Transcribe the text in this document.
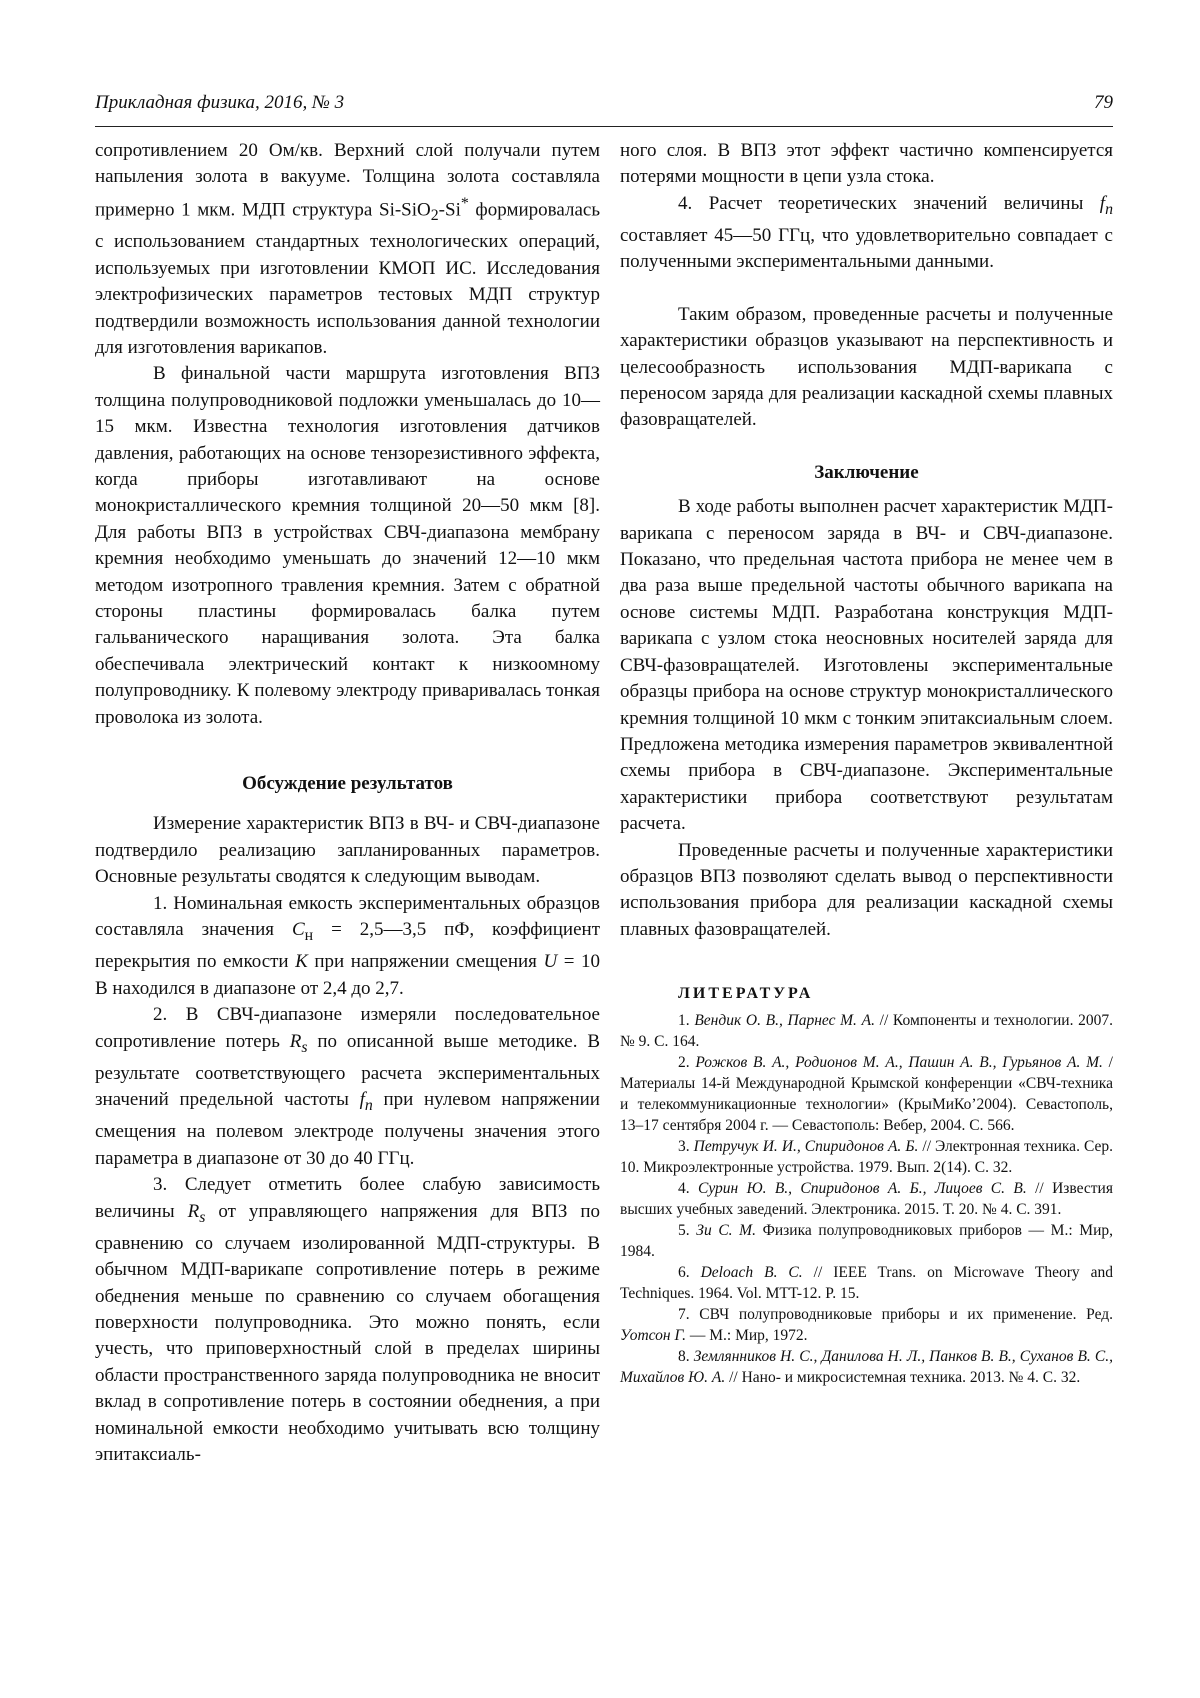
Прикладная физика, 2016, № 3	79

сопротивлением 20 Ом/кв. Верхний слой получали путем напыления золота в вакууме. Толщина золота составляла примерно 1 мкм. МДП структура Si-SiO$_2$-Si* формировалась с использованием стандартных технологических операций, используемых при изготовлении КМОП ИС. Исследования электрофизических параметров тестовых МДП структур подтвердили возможность использования данной технологии для изготовления варикапов.

В финальной части маршрута изготовления ВПЗ толщина полупроводниковой подложки уменьшалась до 10—15 мкм. Известна технология изготовления датчиков давления, работающих на основе тензорезистивного эффекта, когда приборы изготавливают на основе монокристаллического кремния толщиной 20—50 мкм [8]. Для работы ВПЗ в устройствах СВЧ-диапазона мембрану кремния необходимо уменьшать до значений 12—10 мкм методом изотропного травления кремния. Затем с обратной стороны пластины формировалась балка путем гальванического наращивания золота. Эта балка обеспечивала электрический контакт к низкоомному полупроводнику. К полевому электроду приваривалась тонкая проволока из золота.

Обсуждение результатов

Измерение характеристик ВПЗ в ВЧ- и СВЧ-диапазоне подтвердило реализацию запланированных параметров. Основные результаты сводятся к следующим выводам.

1. Номинальная емкость экспериментальных образцов составляла значения $С_н$ = 2,5—3,5 пФ, коэффициент перекрытия по емкости K при напряжении смещения U = 10 В находился в диапазоне от 2,4 до 2,7.

2. В СВЧ-диапазоне измеряли последовательное сопротивление потерь $R_s$ по описанной выше методике. В результате соответствующего расчета экспериментальных значений предельной частоты $f_n$ при нулевом напряжении смещения на полевом электроде получены значения этого параметра в диапазоне от 30 до 40 ГГц.

3. Следует отметить более слабую зависимость величины $R_s$ от управляющего напряжения для ВПЗ по сравнению со случаем изолированной МДП-структуры. В обычном МДП-варикапе сопротивление потерь в режиме обеднения меньше по сравнению со случаем обогащения поверхности полупроводника. Это можно понять, если учесть, что приповерхностный слой в пределах ширины области пространственного заряда полупроводника не вносит вклад в сопротивление потерь в состоянии обеднения, а при номинальной емкости необходимо учитывать всю толщину эпитаксиаль-

ного слоя. В ВПЗ этот эффект частично компенсируется потерями мощности в цепи узла стока.

4. Расчет теоретических значений величины $f_n$ составляет 45—50 ГГц, что удовлетворительно совпадает с полученными экспериментальными данными.

Таким образом, проведенные расчеты и полученные характеристики образцов указывают на перспективность и целесообразность использования МДП-варикапа с переносом заряда для реализации каскадной схемы плавных фазовращателей.

Заключение

В ходе работы выполнен расчет характеристик МДП-варикапа с переносом заряда в ВЧ- и СВЧ-диапазоне. Показано, что предельная частота прибора не менее чем в два раза выше предельной частоты обычного варикапа на основе системы МДП. Разработана конструкция МДП-варикапа с узлом стока неосновных носителей заряда для СВЧ-фазовращателей. Изготовлены экспериментальные образцы прибора на основе структур монокристаллического кремния толщиной 10 мкм с тонким эпитаксиальным слоем. Предложена методика измерения параметров эквивалентной схемы прибора в СВЧ-диапазоне. Экспериментальные характеристики прибора соответствуют результатам расчета.

Проведенные расчеты и полученные характеристики образцов ВПЗ позволяют сделать вывод о перспективности использования прибора для реализации каскадной схемы плавных фазовращателей.

ЛИТЕРАТУРА

1. Вендик О. В., Парнес М. А. // Компоненты и технологии. 2007. № 9. С. 164.

2. Рожков В. А., Родионов М. А., Пашин А. В., Гурьянов А. М. / Материалы 14-й Международной Крымской конференции «СВЧ-техника и телекоммуникационные технологии» (КрыМиКо’2004). Севастополь, 13–17 сентября 2004 г. — Севастополь: Вебер, 2004. С. 566.

3. Петручук И. И., Спиридонов А. Б. // Электронная техника. Сер. 10. Микроэлектронные устройства. 1979. Вып. 2(14). С. 32.

4. Сурин Ю. В., Спиридонов А. Б., Лицоев С. В. // Известия высших учебных заведений. Электроника. 2015. Т. 20. № 4. С. 391.

5. Зи С. М. Физика полупроводниковых приборов — М.: Мир, 1984.

6. Deloach B. C. // IEEE Trans. on Microwave Theory and Techniques. 1964. Vol. MTT-12. P. 15.

7. СВЧ полупроводниковые приборы и их применение. Ред. Уотсон Г. — М.: Мир, 1972.

8. Землянников Н. С., Данилова Н. Л., Панков В. В., Суханов В. С., Михайлов Ю. А. // Нано- и микросистемная техника. 2013. № 4. С. 32.
